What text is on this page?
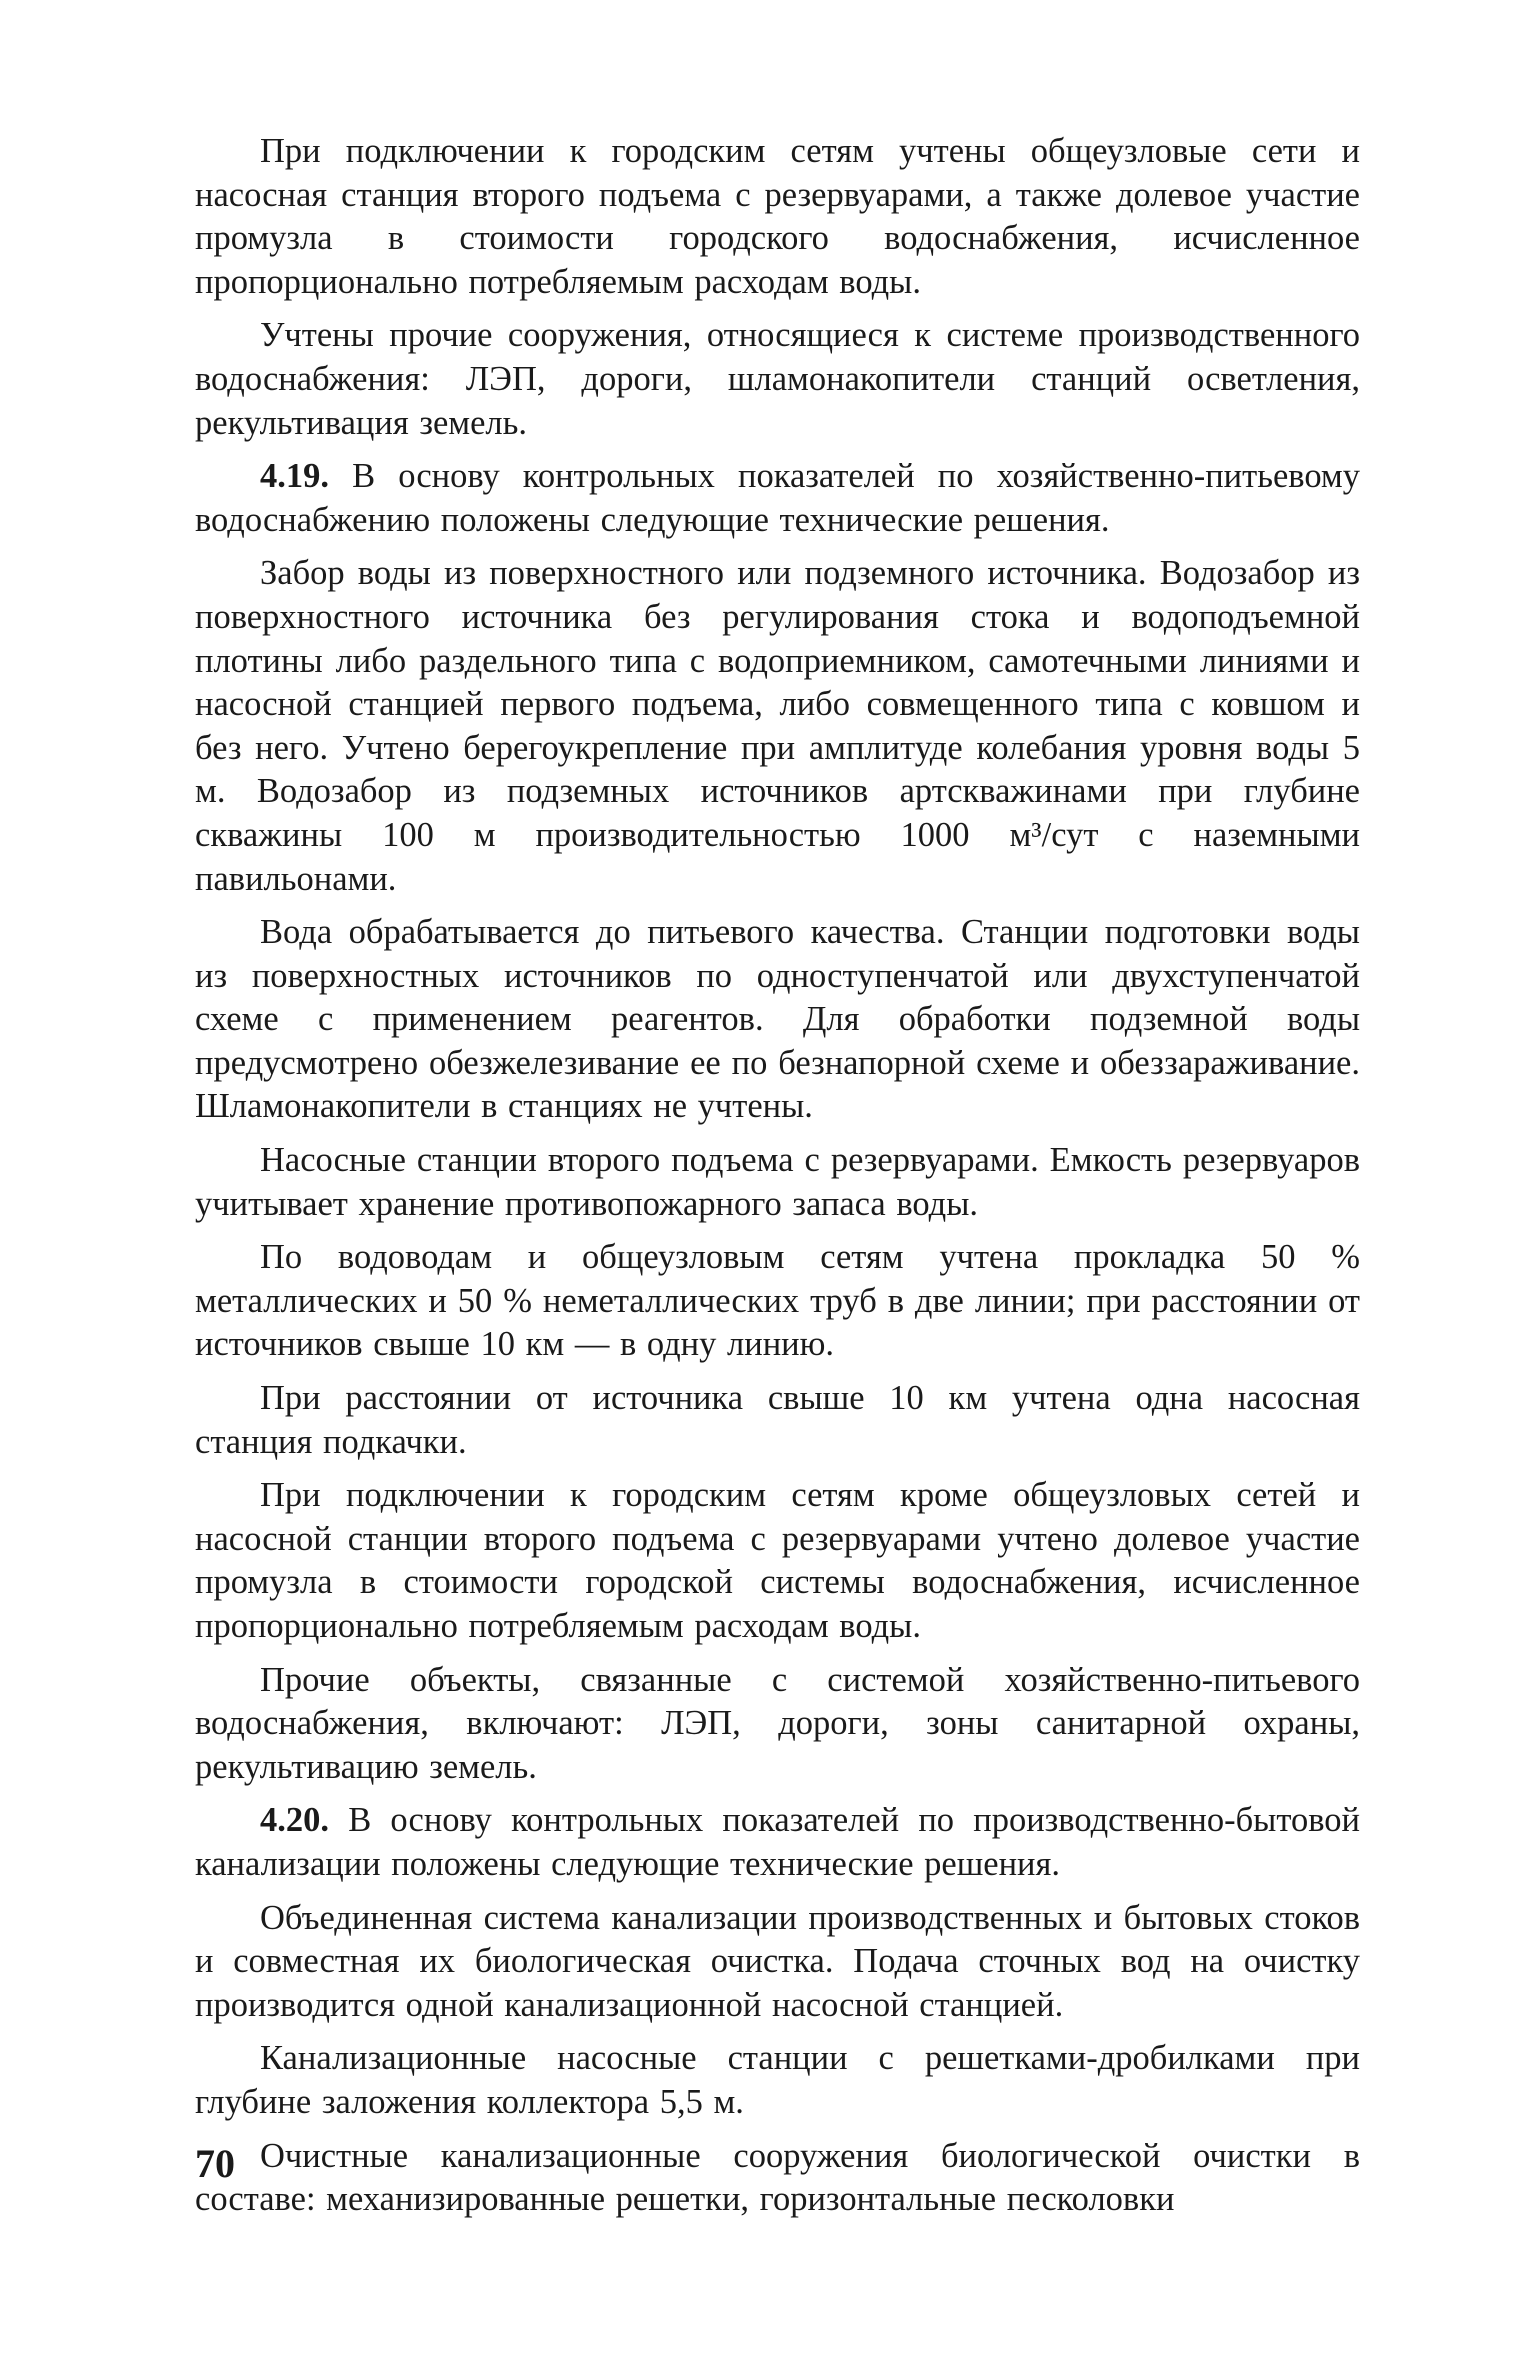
При подключении к городским сетям учтены общеузловые сети и насосная станция второго подъема с резервуарами, а также долевое участие промузла в стоимости городского водоснабжения, исчисленное пропорционально потребляемым расходам воды.

Учтены прочие сооружения, относящиеся к системе производственного водоснабжения: ЛЭП, дороги, шламонакопители станций осветления, рекультивация земель.

4.19. В основу контрольных показателей по хозяйственно-питьевому водоснабжению положены следующие технические решения.

Забор воды из поверхностного или подземного источника. Водозабор из поверхностного источника без регулирования стока и водоподъемной плотины либо раздельного типа с водоприемником, самотечными линиями и насосной станцией первого подъема, либо совмещенного типа с ковшом и без него. Учтено берегоукрепление при амплитуде колебания уровня воды 5 м. Водозабор из подземных источников артскважинами при глубине скважины 100 м производительностью 1000 м³/сут с наземными павильонами.

Вода обрабатывается до питьевого качества. Станции подготовки воды из поверхностных источников по одноступенчатой или двухступенчатой схеме с применением реагентов. Для обработки подземной воды предусмотрено обезжелезивание ее по безнапорной схеме и обеззараживание. Шламонакопители в станциях не учтены.

Насосные станции второго подъема с резервуарами. Емкость резервуаров учитывает хранение противопожарного запаса воды.

По водоводам и общеузловым сетям учтена прокладка 50 % металлических и 50 % неметаллических труб в две линии; при расстоянии от источников свыше 10 км — в одну линию.

При расстоянии от источника свыше 10 км учтена одна насосная станция подкачки.

При подключении к городским сетям кроме общеузловых сетей и насосной станции второго подъема с резервуарами учтено долевое участие промузла в стоимости городской системы водоснабжения, исчисленное пропорционально потребляемым расходам воды.

Прочие объекты, связанные с системой хозяйственно-питьевого водоснабжения, включают: ЛЭП, дороги, зоны санитарной охраны, рекультивацию земель.

4.20. В основу контрольных показателей по производственно-бытовой канализации положены следующие технические решения.

Объединенная система канализации производственных и бытовых стоков и совместная их биологическая очистка. Подача сточных вод на очистку производится одной канализационной насосной станцией.

Канализационные насосные станции с решетками-дробилками при глубине заложения коллектора 5,5 м.

Очистные канализационные сооружения биологической очистки в составе: механизированные решетки, горизонтальные песколовки

70
